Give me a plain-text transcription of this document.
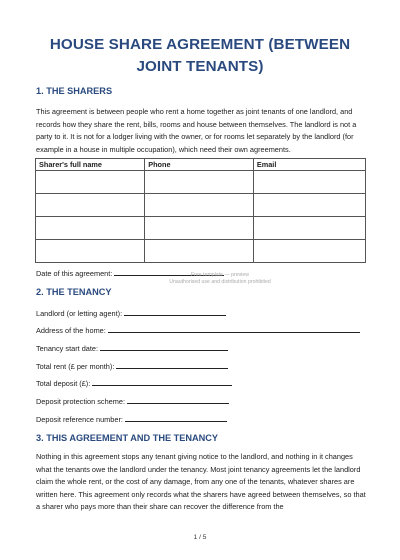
HOUSE SHARE AGREEMENT (BETWEEN JOINT TENANTS)
1. THE SHARERS
This agreement is between people who rent a home together as joint tenants of one landlord, and records how they share the rent, bills, rooms and house between themselves. The landlord is not a party to it. It is not for a lodger living with the owner, or for rooms let separately by the landlord (for example in a house in multiple occupation), which need their own agreements.
Sharer's full name	Phone	Email

Date of this agreement:	Free template — preview
Unauthorised use and distribution prohibited
2. THE TENANCY
Landlord (or letting agent):
Address of the home:
Tenancy start date:
Total rent (£ per month):
Total deposit (£):
Deposit protection scheme:
Deposit reference number:
3. THIS AGREEMENT AND THE TENANCY
Nothing in this agreement stops any tenant giving notice to the landlord, and nothing in it changes what the tenants owe the landlord under the tenancy. Most joint tenancy agreements let the landlord claim the whole rent, or the cost of any damage, from any one of the tenants, whatever shares are written here. This agreement only records what the sharers have agreed between themselves, so that a sharer who pays more than their share can recover the difference from the
1 / 5
